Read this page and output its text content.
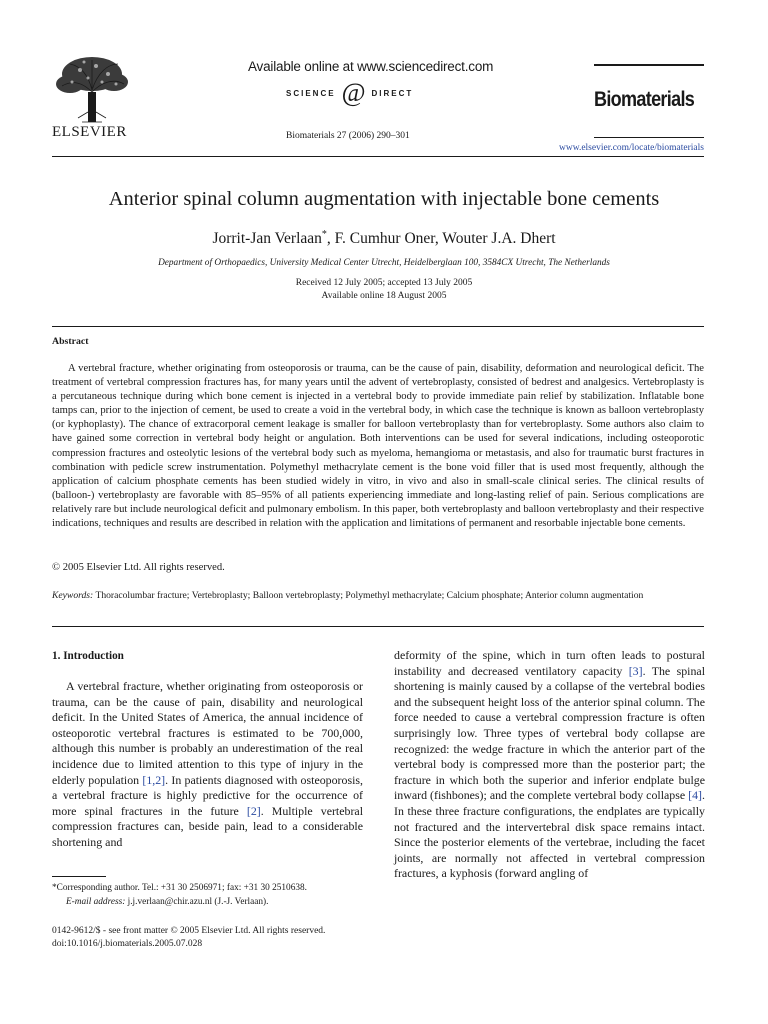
ELSEVIER
Available online at www.sciencedirect.com
SCIENCE @ DIRECT
Biomaterials 27 (2006) 290–301
Biomaterials
www.elsevier.com/locate/biomaterials
Anterior spinal column augmentation with injectable bone cements
Jorrit-Jan Verlaan*, F. Cumhur Oner, Wouter J.A. Dhert
Department of Orthopaedics, University Medical Center Utrecht, Heidelberglaan 100, 3584CX Utrecht, The Netherlands
Received 12 July 2005; accepted 13 July 2005
Available online 18 August 2005
Abstract

A vertebral fracture, whether originating from osteoporosis or trauma, can be the cause of pain, disability, deformation and neurological deficit. The treatment of vertebral compression fractures has, for many years until the advent of vertebroplasty, consisted of bedrest and analgesics. Vertebroplasty is a percutaneous technique during which bone cement is injected in a vertebral body to provide immediate pain relief by stabilization. Inflatable bone tamps can, prior to the injection of cement, be used to create a void in the vertebral body, in which case the technique is known as balloon vertebroplasty (or kyphoplasty). The chance of extracorporal cement leakage is smaller for balloon vertebroplasty than for vertebroplasty. Some authors also claim to have gained some correction in vertebral body height or angulation. Both interventions can be used for several indications, including osteoporotic compression fractures and osteolytic lesions of the vertebral body such as myeloma, hemangioma or metastasis, and also for traumatic burst fractures in combination with pedicle screw instrumentation. Polymethyl methacrylate cement is the bone void filler that is used most frequently, although the application of calcium phosphate cements has been studied widely in vitro, in vivo and also in small-scale clinical series. The clinical results of (balloon-) vertebroplasty are favorable with 85–95% of all patients experiencing immediate and long-lasting relief of pain. Serious complications are relatively rare but include neurological deficit and pulmonary embolism. In this paper, both vertebroplasty and balloon vertebroplasty and their respective indications, techniques and results are described in relation with the application and limitations of permanent and resorbable injectable bone cements.

© 2005 Elsevier Ltd. All rights reserved.

Keywords: Thoracolumbar fracture; Vertebroplasty; Balloon vertebroplasty; Polymethyl methacrylate; Calcium phosphate; Anterior column augmentation

1. Introduction

A vertebral fracture, whether originating from osteoporosis or trauma, can be the cause of pain, disability and neurological deficit. In the United States of America, the annual incidence of osteoporotic vertebral fractures is estimated to be 700,000, although this number is probably an underestimation of the real incidence due to limited attention to this type of injury in the elderly population [1,2]. In patients diagnosed with osteoporosis, a vertebral fracture is highly predictive for the occurrence of more spinal fractures in the future [2]. Multiple vertebral compression fractures can, beside pain, lead to a considerable shortening and

deformity of the spine, which in turn often leads to postural instability and decreased ventilatory capacity [3]. The spinal shortening is mainly caused by a collapse of the vertebral bodies and the subsequent height loss of the anterior spinal column. The force needed to cause a vertebral compression fracture is often surprisingly low. Three types of vertebral body collapse are recognized: the wedge fracture in which the anterior part of the vertebral body is compressed more than the posterior part; the fracture in which both the superior and inferior endplate bulge inward (fishbones); and the complete vertebral body collapse [4]. In these three fracture configurations, the endplates are typically not fractured and the intervertebral disk space remains intact. Since the posterior elements of the vertebrae, including the facet joints, are normally not affected in vertebral compression fractures, a kyphosis (forward angling of

*Corresponding author. Tel.: +31 30 2506971; fax: +31 30 2510638.
E-mail address: j.j.verlaan@chir.azu.nl (J.-J. Verlaan).
0142-9612/$ - see front matter © 2005 Elsevier Ltd. All rights reserved.
doi:10.1016/j.biomaterials.2005.07.028
